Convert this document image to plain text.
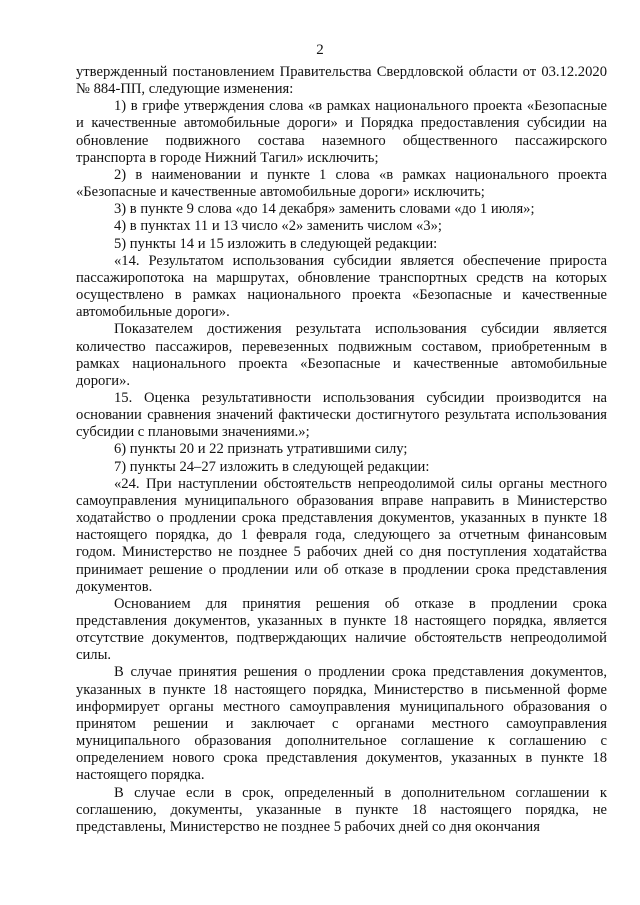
2

утвержденный постановлением Правительства Свердловской области от 03.12.2020 № 884-ПП, следующие изменения:

1) в грифе утверждения слова «в рамках национального проекта «Безопасные и качественные автомобильные дороги» и Порядка предоставления субсидии на обновление подвижного состава наземного общественного пассажирского транспорта в городе Нижний Тагил» исключить;

2) в наименовании и пункте 1 слова «в рамках национального проекта «Безопасные и качественные автомобильные дороги» исключить;

3) в пункте 9 слова «до 14 декабря» заменить словами «до 1 июля»;

4) в пунктах 11 и 13 число «2» заменить числом «3»;

5) пункты 14 и 15 изложить в следующей редакции:

«14. Результатом использования субсидии является обеспечение прироста пассажиропотока на маршрутах, обновление транспортных средств на которых осуществлено в рамках национального проекта «Безопасные и качественные автомобильные дороги».

Показателем достижения результата использования субсидии является количество пассажиров, перевезенных подвижным составом, приобретенным в рамках национального проекта «Безопасные и качественные автомобильные дороги».

15. Оценка результативности использования субсидии производится на основании сравнения значений фактически достигнутого результата использования субсидии с плановыми значениями.»;

6) пункты 20 и 22 признать утратившими силу;

7) пункты 24–27 изложить в следующей редакции:

«24. При наступлении обстоятельств непреодолимой силы органы местного самоуправления муниципального образования вправе направить в Министерство ходатайство о продлении срока представления документов, указанных в пункте 18 настоящего порядка, до 1 февраля года, следующего за отчетным финансовым годом. Министерство не позднее 5 рабочих дней со дня поступления ходатайства принимает решение о продлении или об отказе в продлении срока представления документов.

Основанием для принятия решения об отказе в продлении срока представления документов, указанных в пункте 18 настоящего порядка, является отсутствие документов, подтверждающих наличие обстоятельств непреодолимой силы.

В случае принятия решения о продлении срока представления документов, указанных в пункте 18 настоящего порядка, Министерство в письменной форме информирует органы местного самоуправления муниципального образования о принятом решении и заключает с органами местного самоуправления муниципального образования дополнительное соглашение к соглашению с определением нового срока представления документов, указанных в пункте 18 настоящего порядка.

В случае если в срок, определенный в дополнительном соглашении к соглашению, документы, указанные в пункте 18 настоящего порядка, не представлены, Министерство не позднее 5 рабочих дней со дня окончания
